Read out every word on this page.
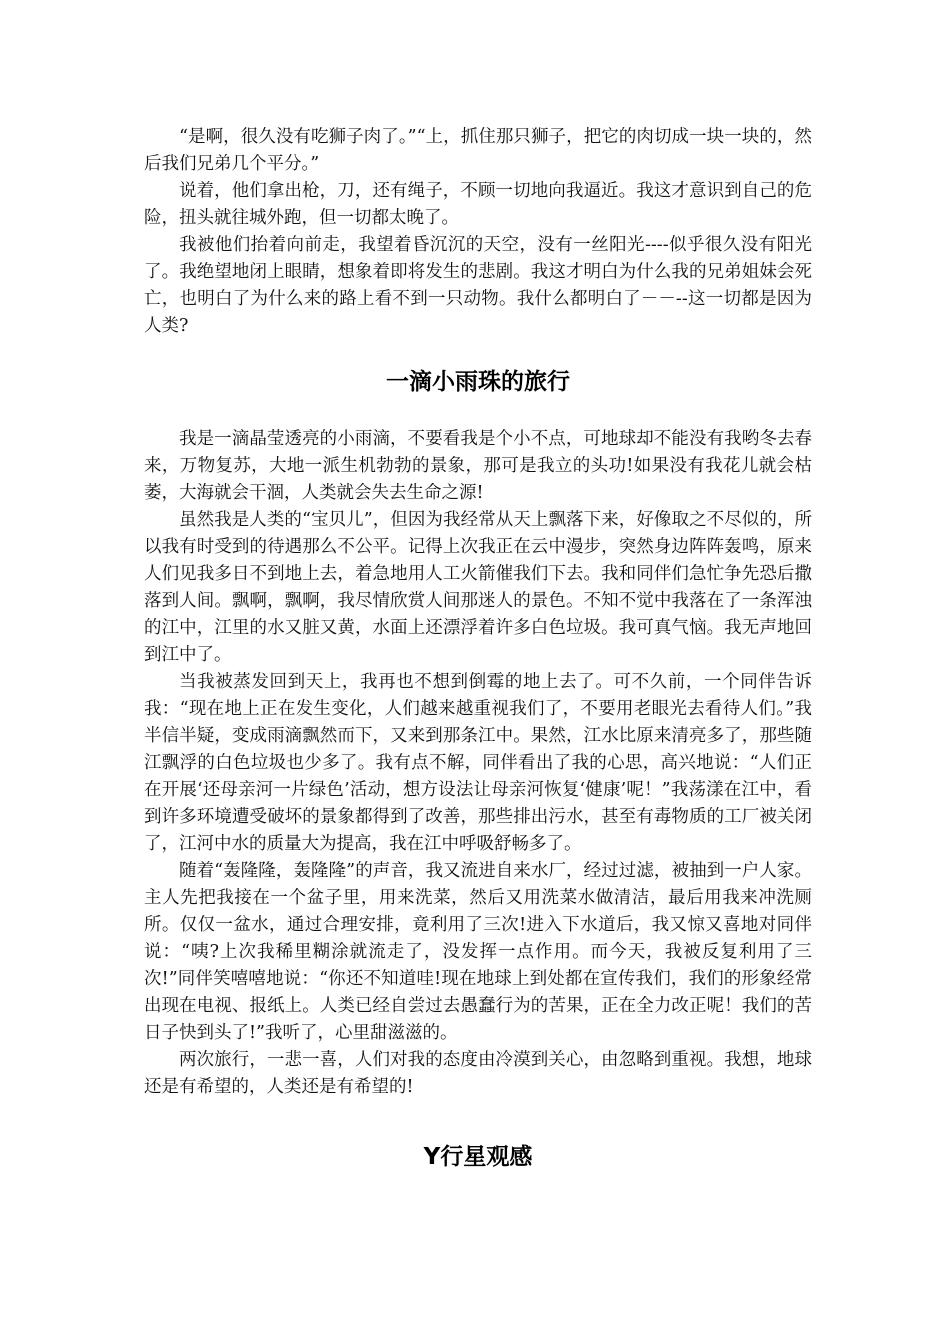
“是啊，很久没有吃狮子肉了。”“上，抓住那只狮子，把它的肉切成一块一块的，然后我们兄弟几个平分。”

说着，他们拿出枪，刀，还有绳子，不顾一切地向我逼近。我这才意识到自己的危险，扭头就往城外跑，但一切都太晚了。

我被他们抬着向前走，我望着昏沉沉的天空，没有一丝阳光----似乎很久没有阳光了。我绝望地闭上眼睛，想象着即将发生的悲剧。我这才明白为什么我的兄弟姐妹会死亡，也明白了为什么来的路上看不到一只动物。我什么都明白了－－--这一切都是因为人类?

一滴小雨珠的旅行

我是一滴晶莹透亮的小雨滴，不要看我是个小不点，可地球却不能没有我哟冬去春来，万物复苏，大地一派生机勃勃的景象，那可是我立的头功!如果没有我花儿就会枯萎，大海就会干涸，人类就会失去生命之源!

虽然我是人类的“宝贝儿”，但因为我经常从天上飘落下来，好像取之不尽似的，所以我有时受到的待遇那么不公平。记得上次我正在云中漫步，突然身边阵阵轰鸣，原来人们见我多日不到地上去，着急地用人工火箭催我们下去。我和同伴们急忙争先恐后撒落到人间。飘啊，飘啊，我尽情欣赏人间那迷人的景色。不知不觉中我落在了一条浑浊的江中，江里的水又脏又黄，水面上还漂浮着许多白色垃圾。我可真气恼。我无声地回到江中了。

当我被蒸发回到天上，我再也不想到倒霉的地上去了。可不久前，一个同伴告诉我：“现在地上正在发生变化，人们越来越重视我们了，不要用老眼光去看待人们。”我半信半疑，变成雨滴飘然而下，又来到那条江中。果然，江水比原来清亮多了，那些随江飘浮的白色垃圾也少多了。我有点不解，同伴看出了我的心思，高兴地说：“人们正在开展‘还母亲河一片绿色’活动，想方设法让母亲河恢复‘健康’呢！”我荡漾在江中，看到许多环境遭受破坏的景象都得到了改善，那些排出污水，甚至有毒物质的工厂被关闭了，江河中水的质量大为提高，我在江中呼吸舒畅多了。

随着“轰隆隆，轰隆隆”的声音，我又流进自来水厂，经过过滤，被抽到一户人家。主人先把我接在一个盆子里，用来洗菜，然后又用洗菜水做清洁，最后用我来冲洗厕所。仅仅一盆水，通过合理安排，竟利用了三次!进入下水道后，我又惊又喜地对同伴说：“咦?上次我稀里糊涂就流走了，没发挥一点作用。而今天，我被反复利用了三次!”同伴笑嘻嘻地说：“你还不知道哇!现在地球上到处都在宣传我们，我们的形象经常出现在电视、报纸上。人类已经自尝过去愚蠢行为的苦果，正在全力改正呢！我们的苦日子快到头了!”我听了，心里甜滋滋的。

两次旅行，一悲一喜，人们对我的态度由冷漠到关心，由忽略到重视。我想，地球还是有希望的，人类还是有希望的!

Y行星观感
